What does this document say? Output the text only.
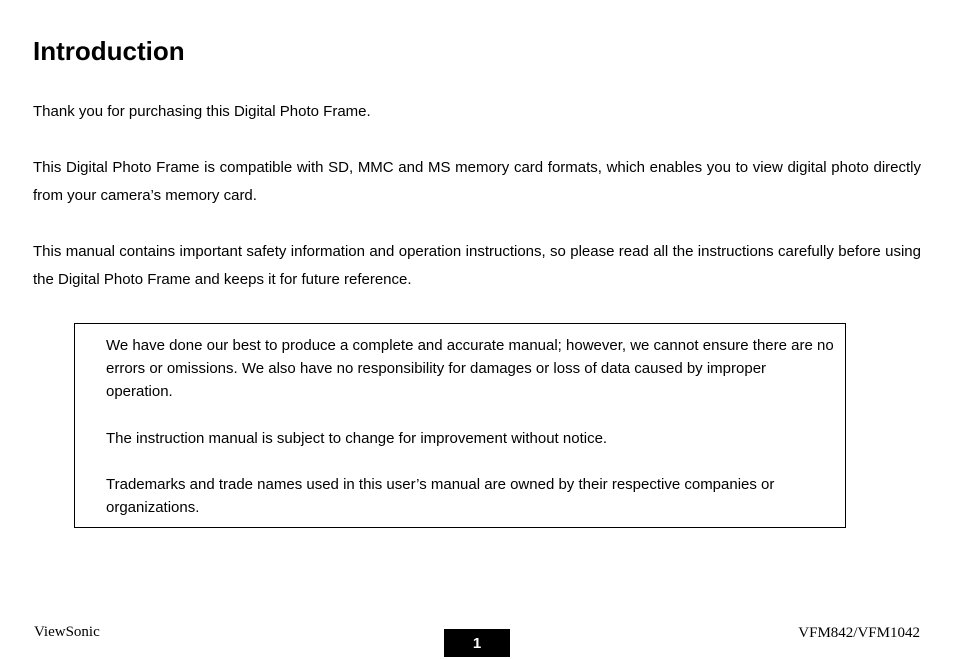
Introduction

Thank you for purchasing this Digital Photo Frame.

This Digital Photo Frame is compatible with SD, MMC and MS memory card formats, which enables you to view digital photo directly from your camera’s memory card.

This manual contains important safety information and operation instructions, so please read all the instructions carefully before using the Digital Photo Frame and keeps it for future reference.

We have done our best to produce a complete and accurate manual; however, we cannot ensure there are no errors or omissions. We also have no responsibility for damages or loss of data caused by improper operation.

The instruction manual is subject to change for improvement without notice.

Trademarks and trade names used in this user’s manual are owned by their respective companies or organizations.

ViewSonic
1
VFM842/VFM1042
